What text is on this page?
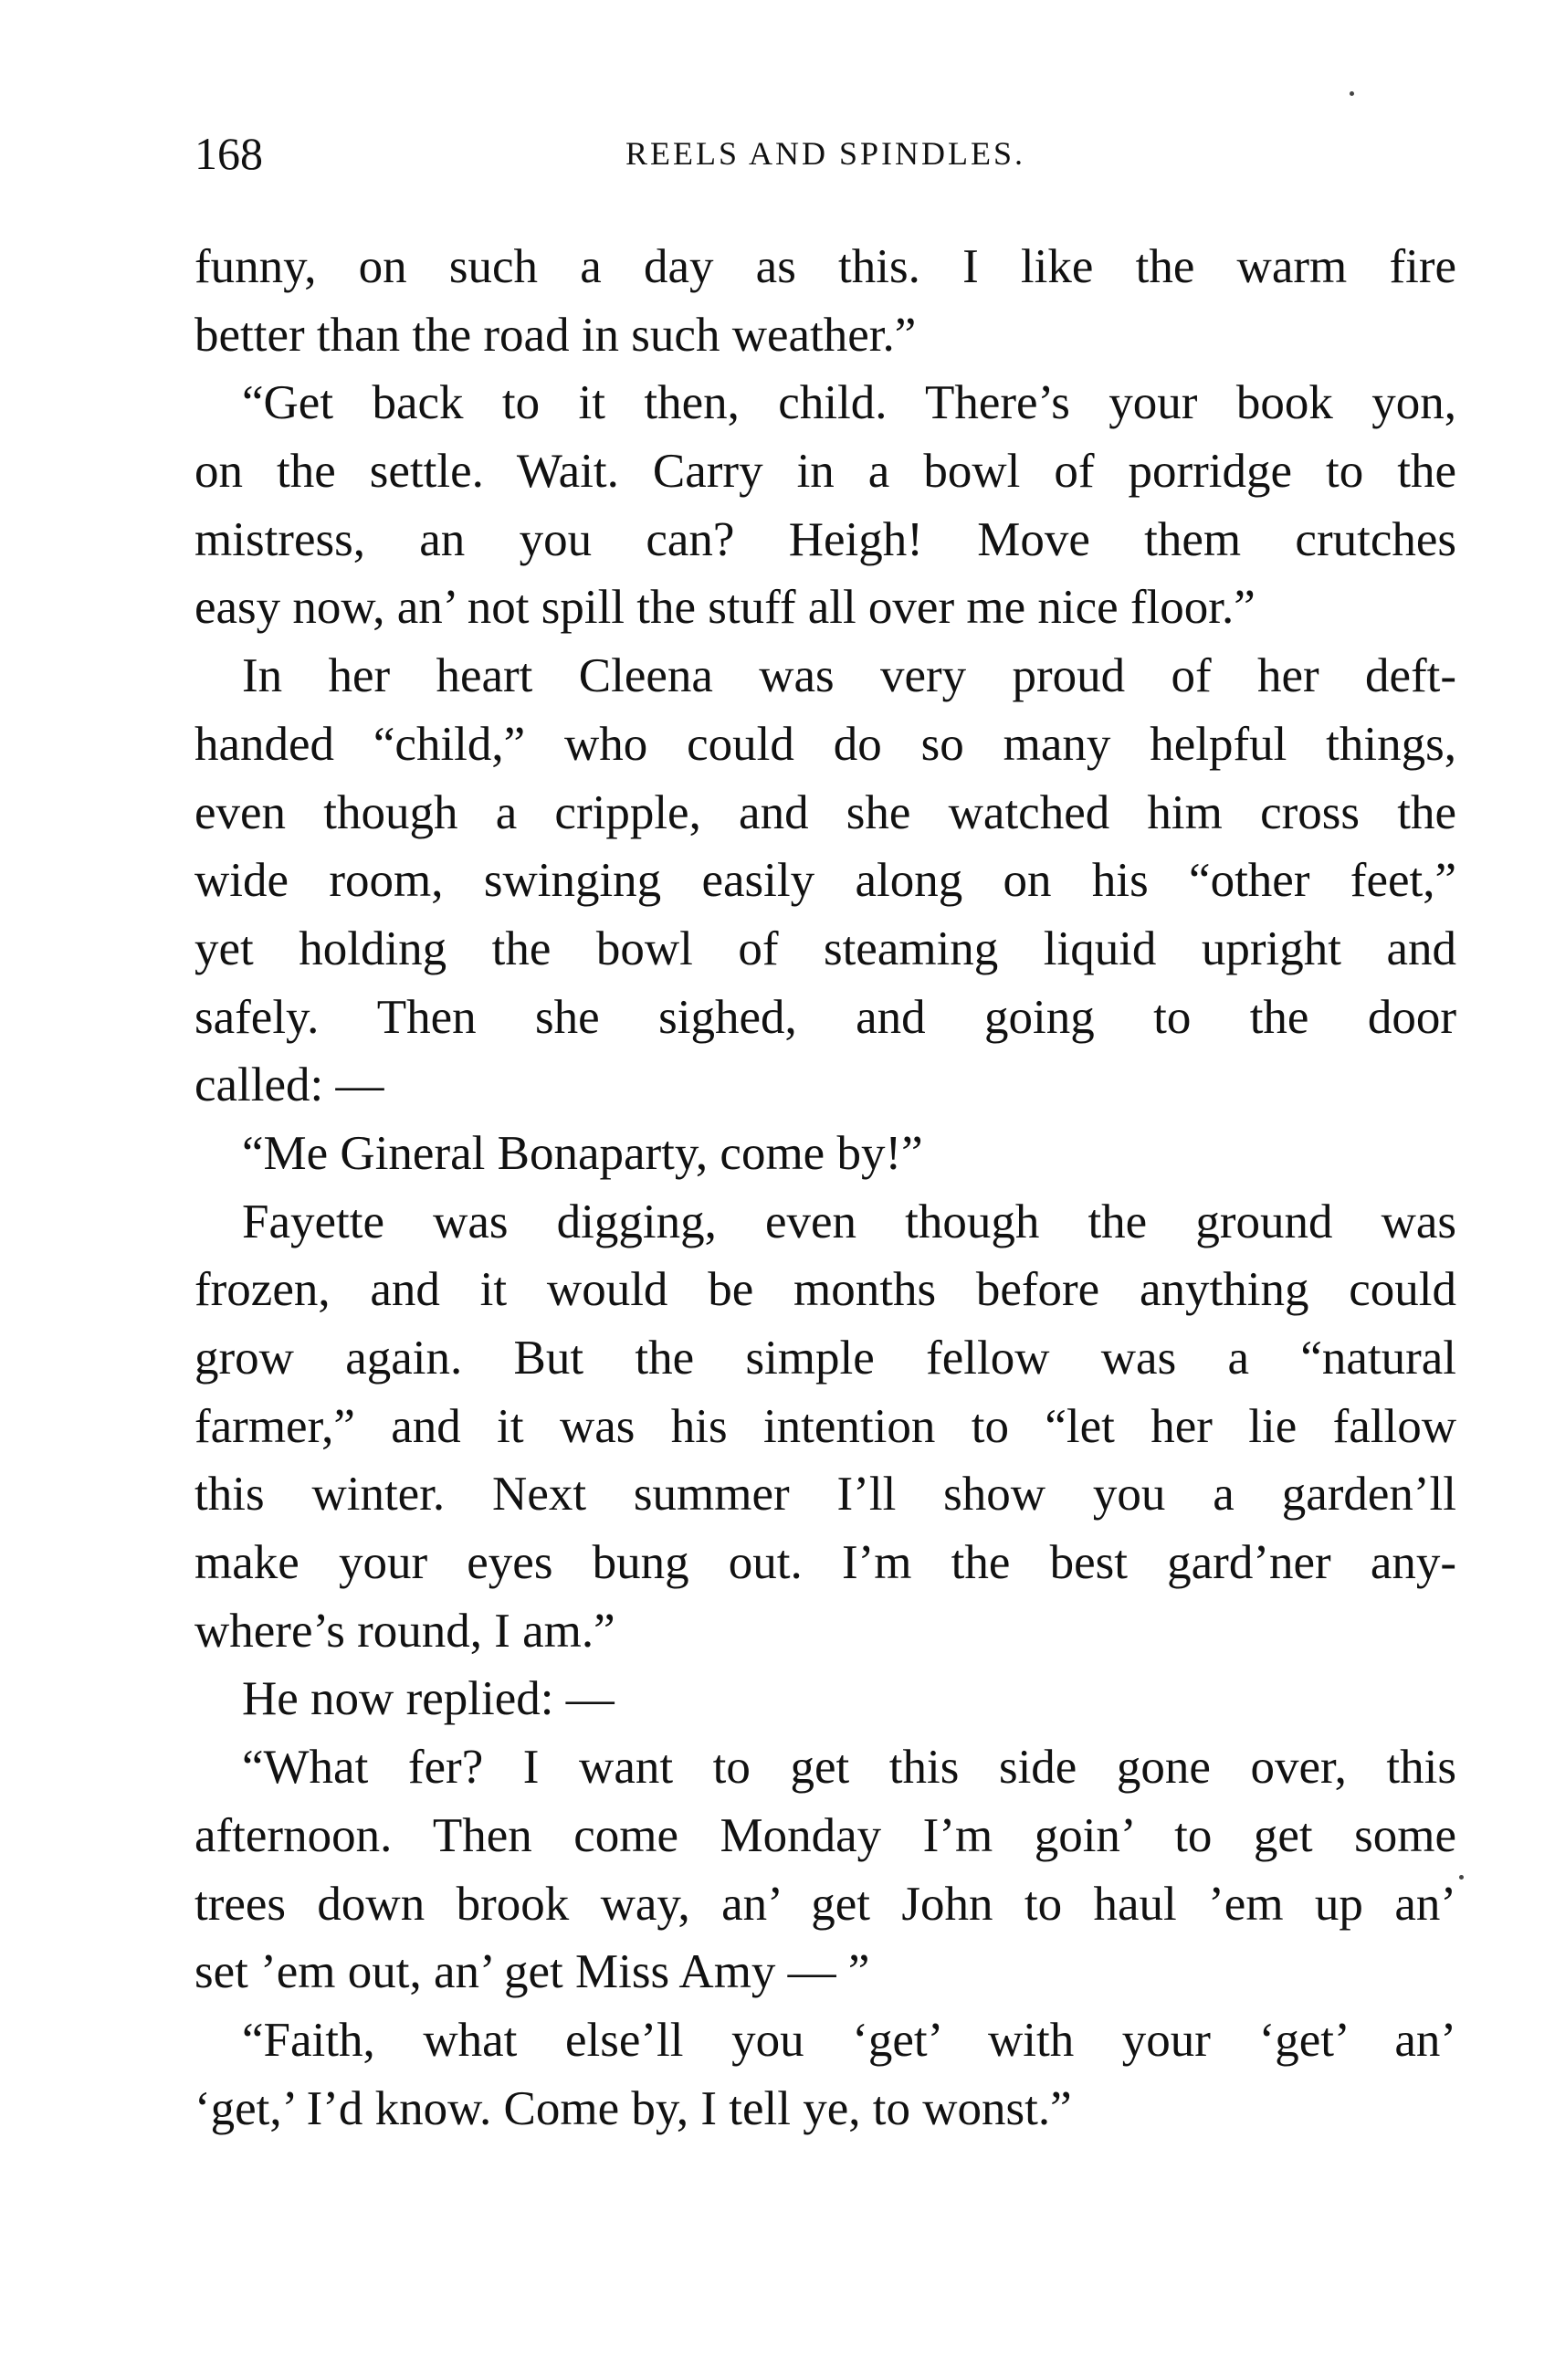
168	REELS AND SPINDLES.
funny, on such a day as this. I like the warm fire
better than the road in such weather.”
“Get back to it then, child. There’s your book yon,
on the settle. Wait. Carry in a bowl of porridge to the
mistress, an you can? Heigh! Move them crutches
easy now, an’ not spill the stuff all over me nice floor.”
In her heart Cleena was very proud of her deft-
handed “child,” who could do so many helpful things,
even though a cripple, and she watched him cross the
wide room, swinging easily along on his “other feet,”
yet holding the bowl of steaming liquid upright and
safely. Then she sighed, and going to the door
called: —
“Me Gineral Bonaparty, come by!”
Fayette was digging, even though the ground was
frozen, and it would be months before anything could
grow again. But the simple fellow was a “natural
farmer,” and it was his intention to “let her lie fallow
this winter. Next summer I’ll show you a garden’ll
make your eyes bung out. I’m the best gard’ner any-
where’s round, I am.”
He now replied: —
“What fer? I want to get this side gone over, this
afternoon. Then come Monday I’m goin’ to get some
trees down brook way, an’ get John to haul ’em up an’
set ’em out, an’ get Miss Amy — ”
“Faith, what else’ll you ‘get’ with your ‘get’ an’
‘get,’ I’d know. Come by, I tell ye, to wonst.”
